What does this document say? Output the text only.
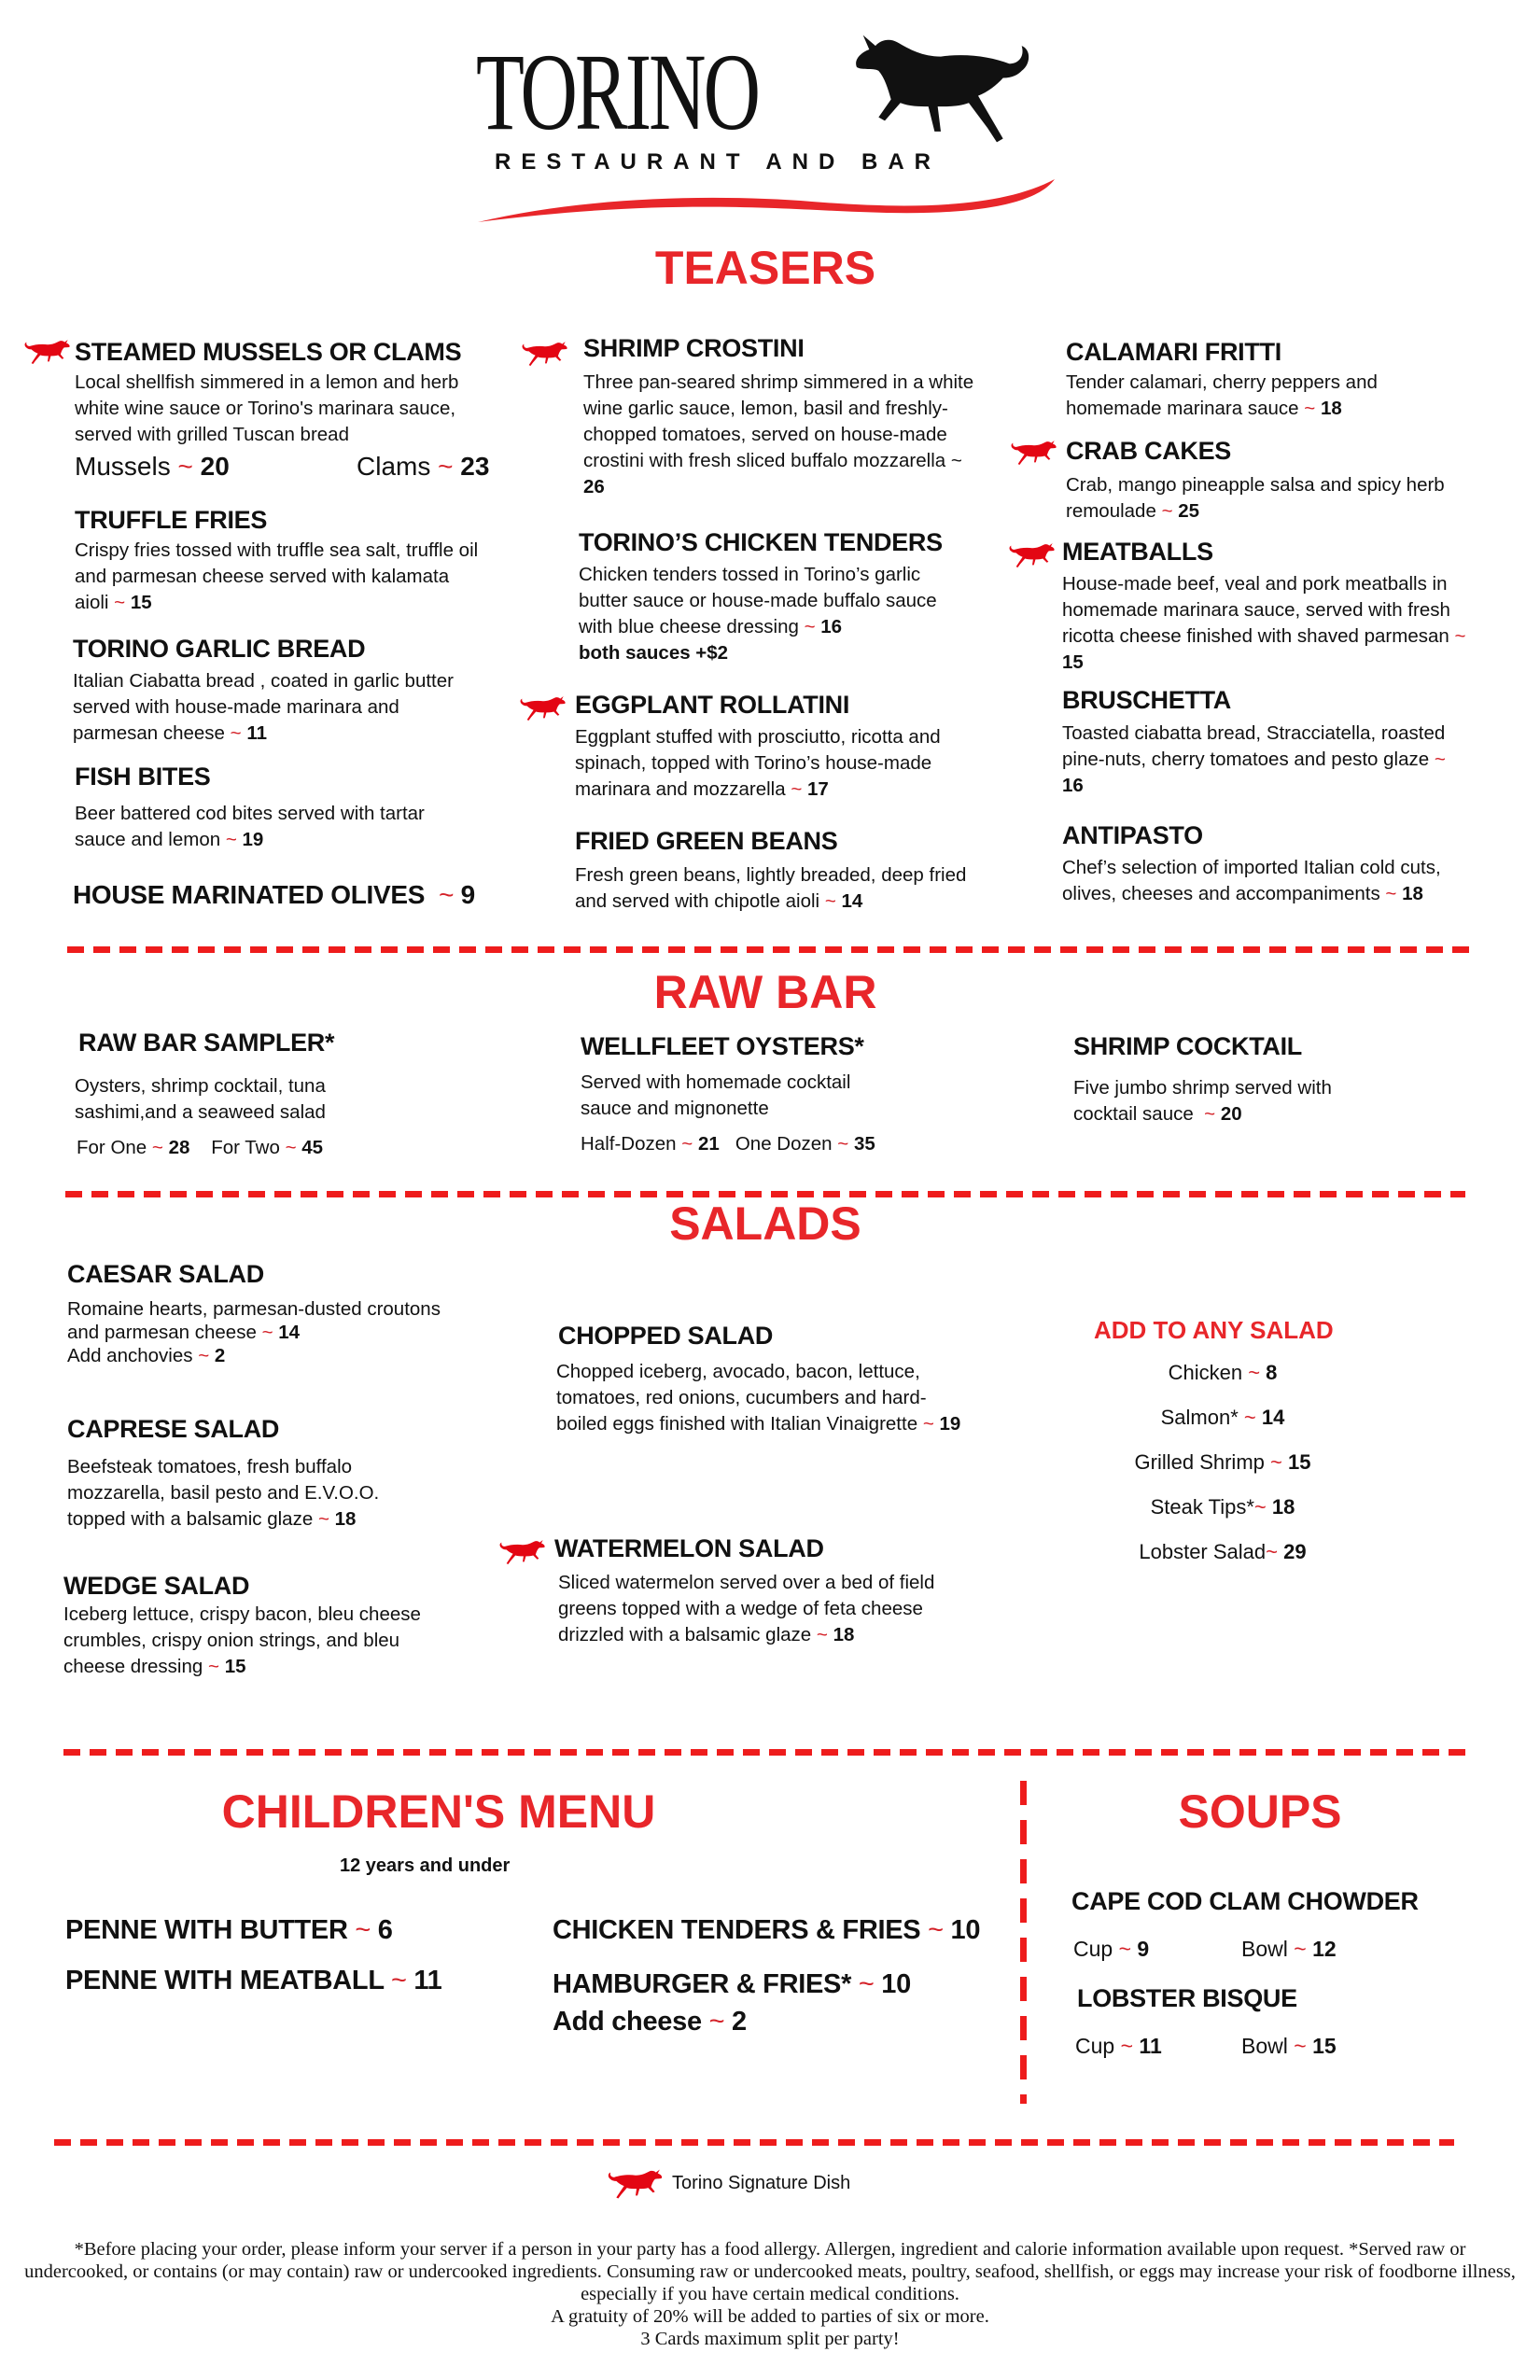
TORINO
RESTAURANT AND BAR
TEASERS
STEAMED MUSSELS OR CLAMS
Local shellfish simmered in a lemon and herb white wine sauce or Torino's marinara sauce, served with grilled Tuscan bread
Mussels ~ 20	Clams ~ 23
TRUFFLE FRIES
Crispy fries tossed with truffle sea salt, truffle oil and parmesan cheese served with kalamata aioli ~ 15
TORINO GARLIC BREAD
Italian Ciabatta bread , coated in garlic butter served with house-made marinara and parmesan cheese ~ 11
FISH BITES
Beer battered cod bites served with tartar sauce and lemon ~ 19
HOUSE MARINATED OLIVES ~ 9
SHRIMP CROSTINI
Three pan-seared shrimp simmered in a white wine garlic sauce, lemon, basil and freshly-chopped tomatoes, served on house-made crostini with fresh sliced buffalo mozzarella ~ 26
TORINO’S CHICKEN TENDERS
Chicken tenders tossed in Torino’s garlic butter sauce or house-made buffalo sauce with blue cheese dressing ~ 16
both sauces +$2
EGGPLANT ROLLATINI
Eggplant stuffed with prosciutto, ricotta and spinach, topped with Torino’s house-made marinara and mozzarella ~ 17
FRIED GREEN BEANS
Fresh green beans, lightly breaded, deep fried and served with chipotle aioli ~ 14
CALAMARI FRITTI
Tender calamari, cherry peppers and homemade marinara sauce ~ 18
CRAB CAKES
Crab, mango pineapple salsa and spicy herb remoulade ~ 25
MEATBALLS
House-made beef, veal and pork meatballs in homemade marinara sauce, served with fresh ricotta cheese finished with shaved parmesan ~ 15
BRUSCHETTA
Toasted ciabatta bread, Stracciatella, roasted pine-nuts, cherry tomatoes and pesto glaze ~ 16
ANTIPASTO
Chef’s selection of imported Italian cold cuts, olives, cheeses and accompaniments ~ 18
RAW BAR
RAW BAR SAMPLER*
Oysters, shrimp cocktail, tuna sashimi,and a seaweed salad
For One ~ 28 For Two ~ 45
WELLFLEET OYSTERS*
Served with homemade cocktail sauce and mignonette
Half-Dozen ~ 21 One Dozen ~ 35
SHRIMP COCKTAIL
Five jumbo shrimp served with cocktail sauce ~ 20
SALADS
CAESAR SALAD
Romaine hearts, parmesan-dusted croutons and parmesan cheese ~ 14
Add anchovies ~ 2
CAPRESE SALAD
Beefsteak tomatoes, fresh buffalo mozzarella, basil pesto and E.V.O.O. topped with a balsamic glaze ~ 18
WEDGE SALAD
Iceberg lettuce, crispy bacon, bleu cheese crumbles, crispy onion strings, and bleu cheese dressing ~ 15
CHOPPED SALAD
Chopped iceberg, avocado, bacon, lettuce, tomatoes, red onions, cucumbers and hard-boiled eggs finished with Italian Vinaigrette ~ 19
WATERMELON SALAD
Sliced watermelon served over a bed of field greens topped with a wedge of feta cheese drizzled with a balsamic glaze ~ 18
ADD TO ANY SALAD
Chicken ~ 8
Salmon* ~ 14
Grilled Shrimp ~ 15
Steak Tips*~ 18
Lobster Salad~ 29
CHILDREN'S MENU
12 years and under
PENNE WITH BUTTER ~ 6
PENNE WITH MEATBALL ~ 11
CHICKEN TENDERS & FRIES ~ 10
HAMBURGER & FRIES* ~ 10
Add cheese ~ 2
SOUPS
CAPE COD CLAM CHOWDER
Cup ~ 9	Bowl ~ 12
LOBSTER BISQUE
Cup ~ 11	Bowl ~ 15
Torino Signature Dish
*Before placing your order, please inform your server if a person in your party has a food allergy. Allergen, ingredient and calorie information available upon request. *Served raw or undercooked, or contains (or may contain) raw or undercooked ingredients. Consuming raw or undercooked meats, poultry, seafood, shellfish, or eggs may increase your risk of foodborne illness, especially if you have certain medical conditions.
A gratuity of 20% will be added to parties of six or more.
3 Cards maximum split per party!
